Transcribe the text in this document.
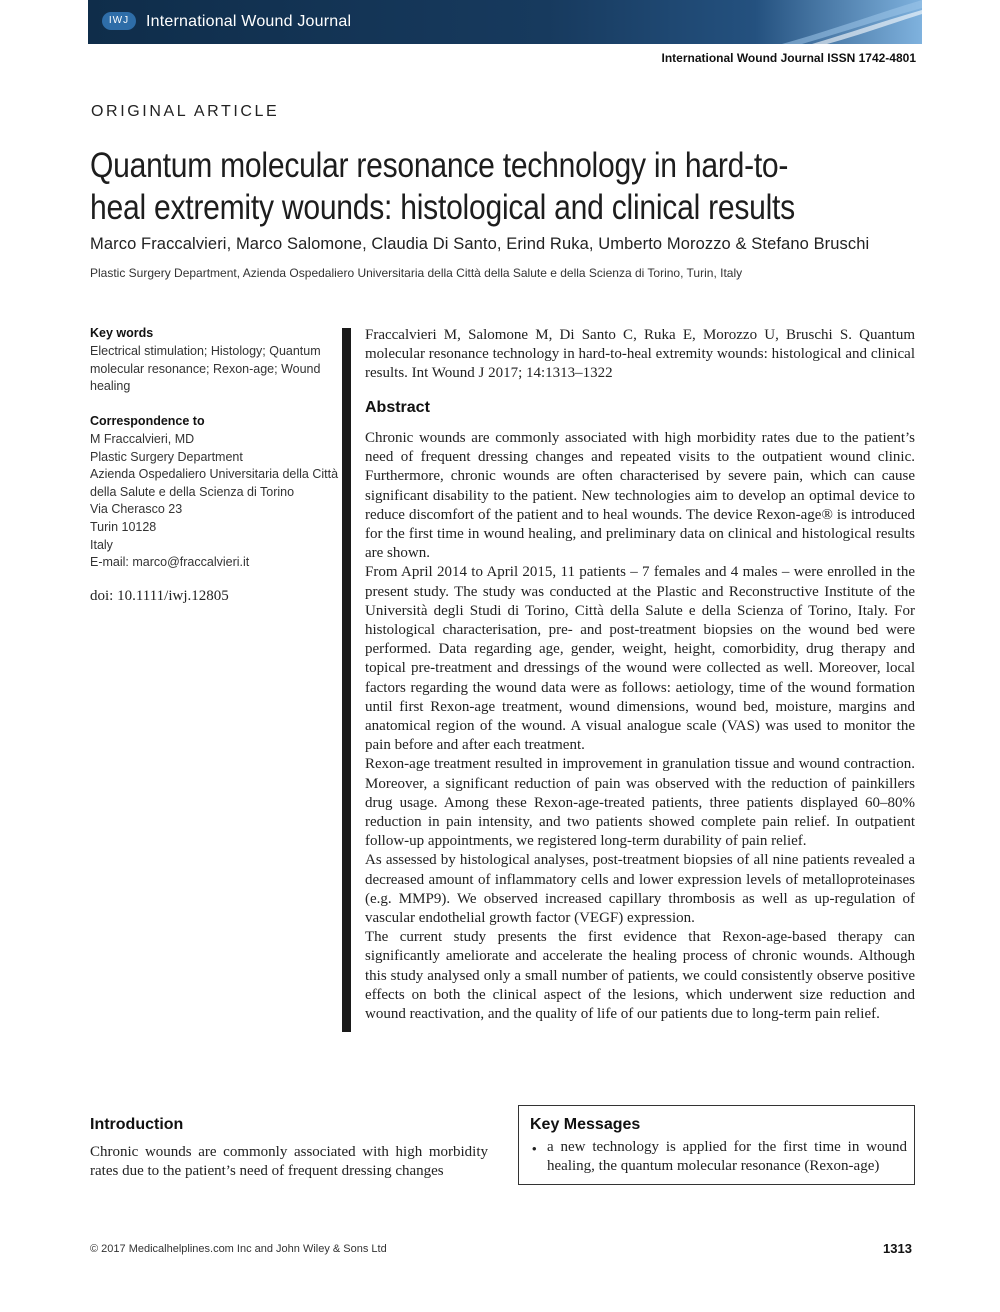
IWJ	International Wound Journal
International Wound Journal ISSN 1742-4801
ORIGINAL ARTICLE
Quantum molecular resonance technology in hard-to-heal extremity wounds: histological and clinical results
Marco Fraccalvieri, Marco Salomone, Claudia Di Santo, Erind Ruka, Umberto Morozzo & Stefano Bruschi
Plastic Surgery Department, Azienda Ospedaliero Universitaria della Città della Salute e della Scienza di Torino, Turin, Italy
Key words
Electrical stimulation; Histology; Quantum molecular resonance; Rexon-age; Wound healing
Correspondence to
M Fraccalvieri, MD
Plastic Surgery Department
Azienda Ospedaliero Universitaria della Città
della Salute e della Scienza di Torino
Via Cherasco 23
Turin 10128
Italy
E-mail: marco@fraccalvieri.it
doi: 10.1111/iwj.12805
Fraccalvieri M, Salomone M, Di Santo C, Ruka E, Morozzo U, Bruschi S. Quantum molecular resonance technology in hard-to-heal extremity wounds: histological and clinical results. Int Wound J 2017; 14:1313–1322
Abstract

Chronic wounds are commonly associated with high morbidity rates due to the patient’s need of frequent dressing changes and repeated visits to the outpatient wound clinic. Furthermore, chronic wounds are often characterised by severe pain, which can cause significant disability to the patient. New technologies aim to develop an optimal device to reduce discomfort of the patient and to heal wounds. The device Rexon-age® is introduced for the first time in wound healing, and preliminary data on clinical and histological results are shown.

From April 2014 to April 2015, 11 patients – 7 females and 4 males – were enrolled in the present study. The study was conducted at the Plastic and Reconstructive Institute of the Università degli Studi di Torino, Città della Salute e della Scienza of Torino, Italy. For histological characterisation, pre- and post-treatment biopsies on the wound bed were performed. Data regarding age, gender, weight, height, comorbidity, drug therapy and topical pre-treatment and dressings of the wound were collected as well. Moreover, local factors regarding the wound data were as follows: aetiology, time of the wound formation until first Rexon-age treatment, wound dimensions, wound bed, moisture, margins and anatomical region of the wound. A visual analogue scale (VAS) was used to monitor the pain before and after each treatment.

Rexon-age treatment resulted in improvement in granulation tissue and wound contraction. Moreover, a significant reduction of pain was observed with the reduction of painkillers drug usage. Among these Rexon-age-treated patients, three patients displayed 60–80% reduction in pain intensity, and two patients showed complete pain relief. In outpatient follow-up appointments, we registered long-term durability of pain relief.

As assessed by histological analyses, post-treatment biopsies of all nine patients revealed a decreased amount of inflammatory cells and lower expression levels of metalloproteinases (e.g. MMP9). We observed increased capillary thrombosis as well as up-regulation of vascular endothelial growth factor (VEGF) expression.

The current study presents the first evidence that Rexon-age-based therapy can significantly ameliorate and accelerate the healing process of chronic wounds. Although this study analysed only a small number of patients, we could consistently observe positive effects on both the clinical aspect of the lesions, which underwent size reduction and wound reactivation, and the quality of life of our patients due to long-term pain relief.

Introduction
Chronic wounds are commonly associated with high morbidity rates due to the patient’s need of frequent dressing changes
Key Messages
• a new technology is applied for the first time in wound healing, the quantum molecular resonance (Rexon-age)
© 2017 Medicalhelplines.com Inc and John Wiley & Sons Ltd	1313
